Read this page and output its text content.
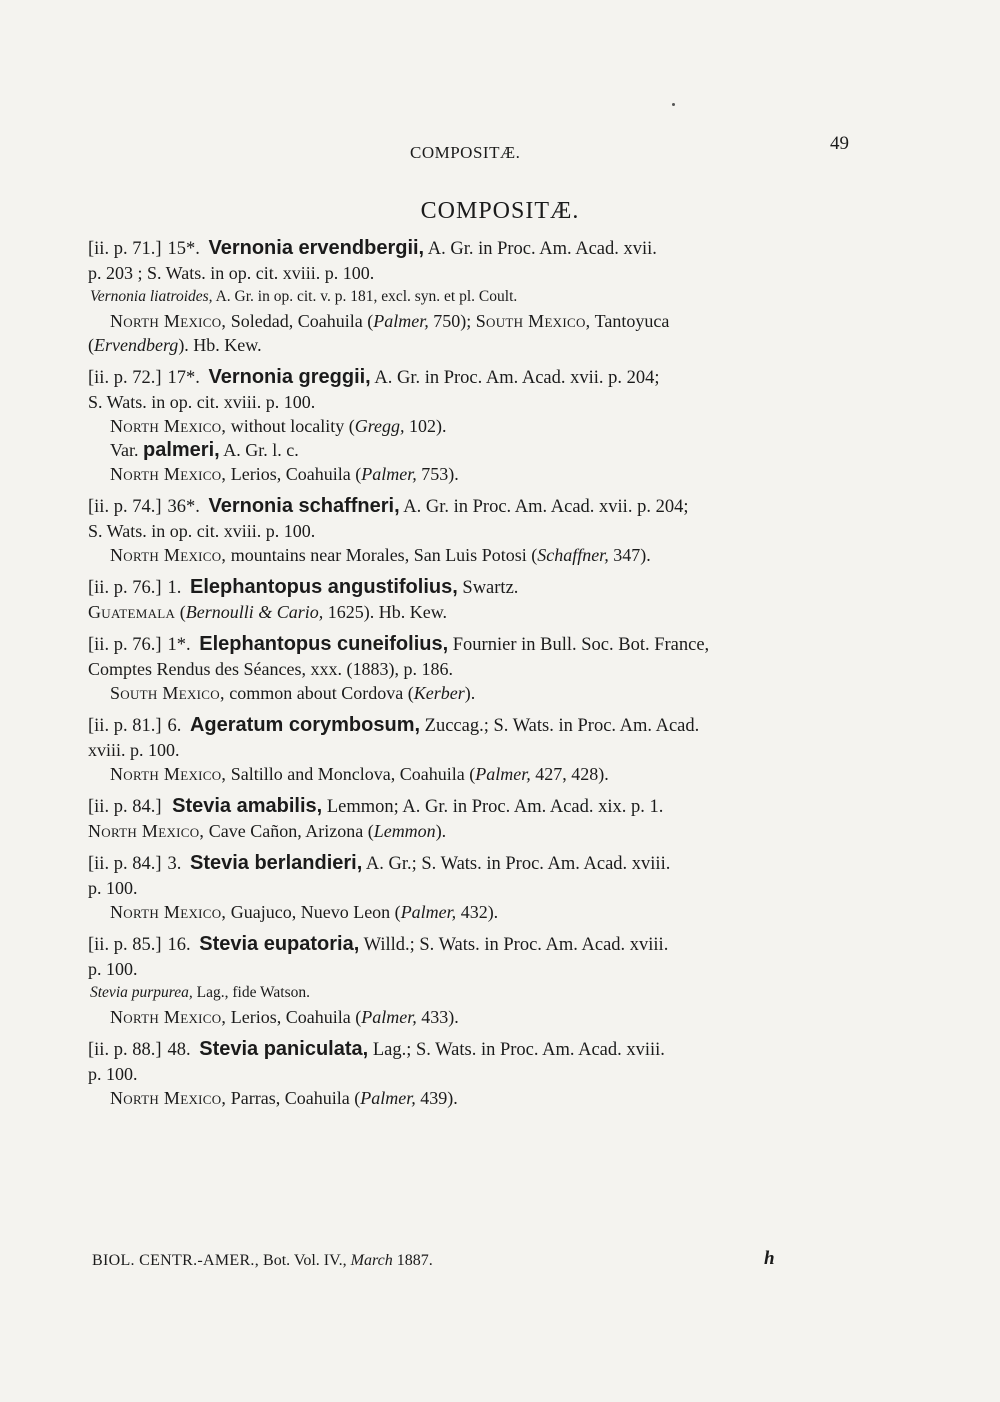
COMPOSITÆ.	49
COMPOSITÆ.
[ii. p. 71.] 15*. Vernonia ervendbergii, A. Gr. in Proc. Am. Acad. xvii.
p. 203 ; S. Wats. in op. cit. xviii. p. 100.
Vernonia liatroides, A. Gr. in op. cit. v. p. 181, excl. syn. et pl. Coult.
North Mexico, Soledad, Coahuila (Palmer, 750); South Mexico, Tantoyuca
(Ervendberg). Hb. Kew.
[ii. p. 72.] 17*. Vernonia greggii, A. Gr. in Proc. Am. Acad. xvii. p. 204;
S. Wats. in op. cit. xviii. p. 100.
North Mexico, without locality (Gregg, 102).
Var. palmeri, A. Gr. l. c.
North Mexico, Lerios, Coahuila (Palmer, 753).
[ii. p. 74.] 36*. Vernonia schaffneri, A. Gr. in Proc. Am. Acad. xvii. p. 204;
S. Wats. in op. cit. xviii. p. 100.
North Mexico, mountains near Morales, San Luis Potosi (Schaffner, 347).
[ii. p. 76.] 1. Elephantopus angustifolius, Swartz.
Guatemala (Bernoulli & Cario, 1625). Hb. Kew.
[ii. p. 76.] 1*. Elephantopus cuneifolius, Fournier in Bull. Soc. Bot. France,
Comptes Rendus des Séances, xxx. (1883), p. 186.
South Mexico, common about Cordova (Kerber).
[ii. p. 81.] 6. Ageratum corymbosum, Zuccag.; S. Wats. in Proc. Am. Acad.
xviii. p. 100.
North Mexico, Saltillo and Monclova, Coahuila (Palmer, 427, 428).
[ii. p. 84.] Stevia amabilis, Lemmon; A. Gr. in Proc. Am. Acad. xix. p. 1.
North Mexico, Cave Cañon, Arizona (Lemmon).
[ii. p. 84.] 3. Stevia berlandieri, A. Gr.; S. Wats. in Proc. Am. Acad. xviii.
p. 100.
North Mexico, Guajuco, Nuevo Leon (Palmer, 432).
[ii. p. 85.] 16. Stevia eupatoria, Willd.; S. Wats. in Proc. Am. Acad. xviii.
p. 100.
Stevia purpurea, Lag., fide Watson.
North Mexico, Lerios, Coahuila (Palmer, 433).
[ii. p. 88.] 48. Stevia paniculata, Lag.; S. Wats. in Proc. Am. Acad. xviii.
p. 100.
North Mexico, Parras, Coahuila (Palmer, 439).
BIOL. CENTR.-AMER., Bot. Vol. IV., March 1887.	h
